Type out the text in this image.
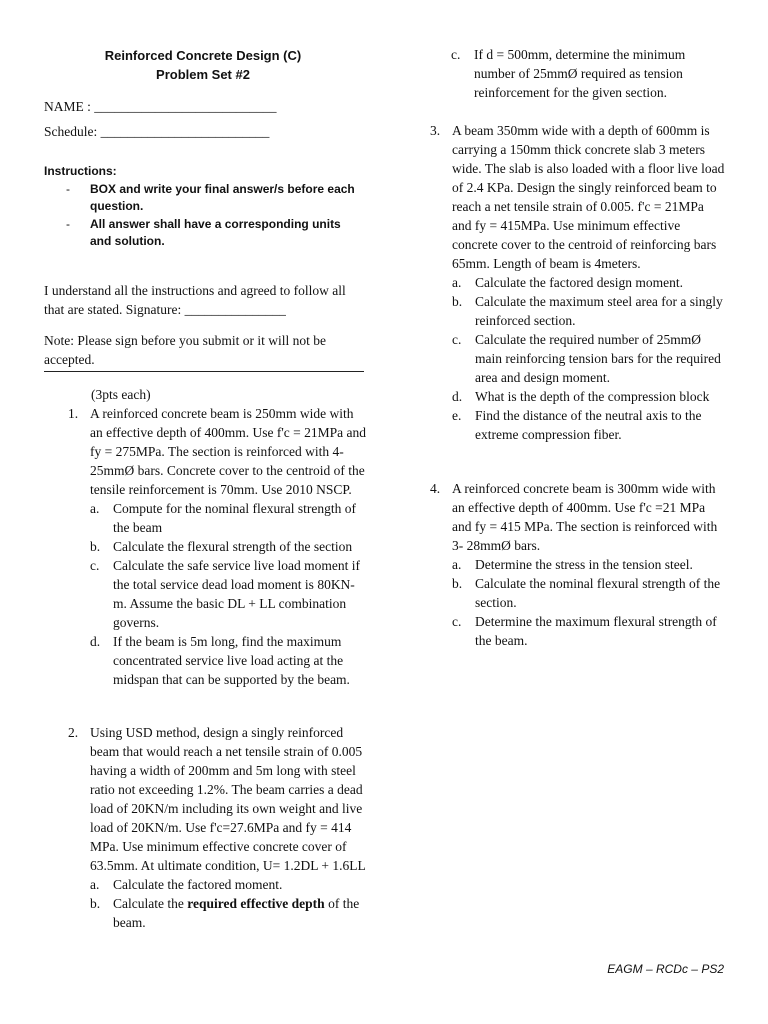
Reinforced Concrete Design (C)
Problem Set #2
NAME : ___________________________
Schedule: _________________________
Instructions:
- BOX and write your final answer/s before each question.
- All answer shall have a corresponding units and solution.
I understand all the instructions and agreed to follow all that are stated. Signature: _______________
Note: Please sign before you submit or it will not be accepted.
(3pts each)
1. A reinforced concrete beam is 250mm wide with an effective depth of 400mm. Use f'c = 21MPa and fy = 275MPa. The section is reinforced with 4-25mmØ bars. Concrete cover to the centroid of the tensile reinforcement is 70mm. Use 2010 NSCP.
a. Compute for the nominal flexural strength of the beam
b. Calculate the flexural strength of the section
c. Calculate the safe service live load moment if the total service dead load moment is 80KN-m. Assume the basic DL + LL combination governs.
d. If the beam is 5m long, find the maximum concentrated service live load acting at the midspan that can be supported by the beam.
2. Using USD method, design a singly reinforced beam that would reach a net tensile strain of 0.005 having a width of 200mm and 5m long with steel ratio not exceeding 1.2%. The beam carries a dead load of 20KN/m including its own weight and live load of 20KN/m. Use f'c=27.6MPa and fy = 414 MPa. Use minimum effective concrete cover of 63.5mm. At ultimate condition, U= 1.2DL + 1.6LL
a. Calculate the factored moment.
b. Calculate the required effective depth of the beam.
c. If d = 500mm, determine the minimum number of 25mmØ required as tension reinforcement for the given section.
3. A beam 350mm wide with a depth of 600mm is carrying a 150mm thick concrete slab 3 meters wide. The slab is also loaded with a floor live load of 2.4 KPa. Design the singly reinforced beam to reach a net tensile strain of 0.005. f'c = 21MPa and fy = 415MPa. Use minimum effective concrete cover to the centroid of reinforcing bars 65mm. Length of beam is 4meters.
a. Calculate the factored design moment.
b. Calculate the maximum steel area for a singly reinforced section.
c. Calculate the required number of 25mmØ main reinforcing tension bars for the required area and design moment.
d. What is the depth of the compression block
e. Find the distance of the neutral axis to the extreme compression fiber.
4. A reinforced concrete beam is 300mm wide with an effective depth of 400mm. Use f'c =21 MPa and fy = 415 MPa. The section is reinforced with 3- 28mmØ bars.
a. Determine the stress in the tension steel.
b. Calculate the nominal flexural strength of the section.
c. Determine the maximum flexural strength of the beam.
EAGM – RCDc – PS2
